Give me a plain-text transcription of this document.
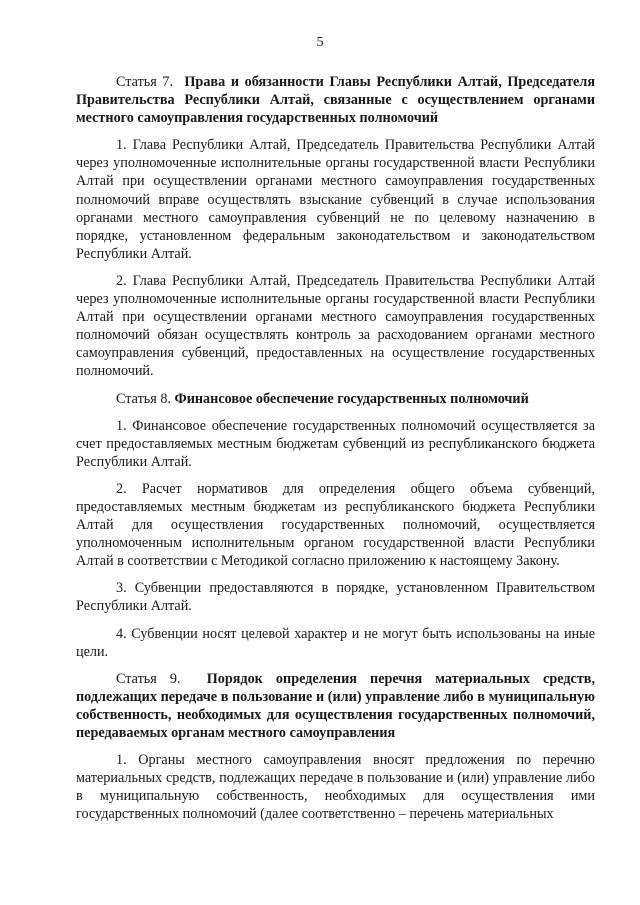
5

Статья 7. Права и обязанности Главы Республики Алтай, Председателя Правительства Республики Алтай, связанные с осуществлением органами местного самоуправления государственных полномочий

1. Глава Республики Алтай, Председатель Правительства Республики Алтай через уполномоченные исполнительные органы государственной власти Республики Алтай при осуществлении органами местного самоуправления государственных полномочий вправе осуществлять взыскание субвенций в случае использования органами местного самоуправления субвенций не по целевому назначению в порядке, установленном федеральным законодательством и законодательством Республики Алтай.

2. Глава Республики Алтай, Председатель Правительства Республики Алтай через уполномоченные исполнительные органы государственной власти Республики Алтай при осуществлении органами местного самоуправления государственных полномочий обязан осуществлять контроль за расходованием органами местного самоуправления субвенций, предоставленных на осуществление государственных полномочий.

Статья 8. Финансовое обеспечение государственных полномочий

1. Финансовое обеспечение государственных полномочий осуществляется за счет предоставляемых местным бюджетам субвенций из республиканского бюджета Республики Алтай.

2. Расчет нормативов для определения общего объема субвенций, предоставляемых местным бюджетам из республиканского бюджета Республики Алтай для осуществления государственных полномочий, осуществляется уполномоченным исполнительным органом государственной власти Республики Алтай в соответствии с Методикой согласно приложению к настоящему Закону.

3. Субвенции предоставляются в порядке, установленном Правительством Республики Алтай.

4. Субвенции носят целевой характер и не могут быть использованы на иные цели.

Статья 9. Порядок определения перечня материальных средств, подлежащих передаче в пользование и (или) управление либо в муниципальную собственность, необходимых для осуществления государственных полномочий, передаваемых органам местного самоуправления

1. Органы местного самоуправления вносят предложения по перечню материальных средств, подлежащих передаче в пользование и (или) управление либо в муниципальную собственность, необходимых для осуществления ими государственных полномочий (далее соответственно – перечень материальных
